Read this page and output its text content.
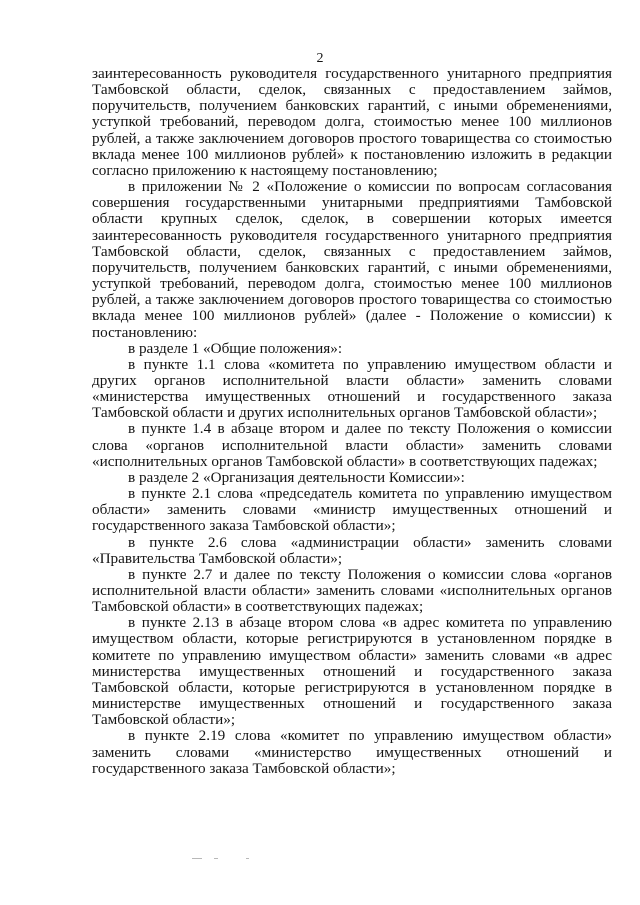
2

заинтересованность руководителя государственного унитарного предприятия Тамбовской области, сделок, связанных с предоставлением займов, поручительств, получением банковских гарантий, с иными обременениями, уступкой требований, переводом долга, стоимостью менее 100 миллионов рублей, а также заключением договоров простого товарищества со стоимостью вклада менее 100 миллионов рублей» к постановлению изложить в редакции согласно приложению к настоящему постановлению;

в приложении № 2 «Положение о комиссии по вопросам согласования совершения государственными унитарными предприятиями Тамбовской области крупных сделок, сделок, в совершении которых имеется заинтересованность руководителя государственного унитарного предприятия Тамбовской области, сделок, связанных с предоставлением займов, поручительств, получением банковских гарантий, с иными обременениями, уступкой требований, переводом долга, стоимостью менее 100 миллионов рублей, а также заключением договоров простого товарищества со стоимостью вклада менее 100 миллионов рублей» (далее - Положение о комиссии) к постановлению:

в разделе 1 «Общие положения»:

в пункте 1.1 слова «комитета по управлению имуществом области и других органов исполнительной власти области» заменить словами «министерства имущественных отношений и государственного заказа Тамбовской области и других исполнительных органов Тамбовской области»;

в пункте 1.4 в абзаце втором и далее по тексту Положения о комиссии слова «органов исполнительной власти области» заменить словами «исполнительных органов Тамбовской области» в соответствующих падежах;

в разделе 2 «Организация деятельности Комиссии»:

в пункте 2.1 слова «председатель комитета по управлению имуществом области» заменить словами «министр имущественных отношений и государственного заказа Тамбовской области»;

в пункте 2.6 слова «администрации области» заменить словами «Правительства Тамбовской области»;

в пункте 2.7 и далее по тексту Положения о комиссии слова «органов исполнительной власти области» заменить словами «исполнительных органов Тамбовской области» в соответствующих падежах;

в пункте 2.13 в абзаце втором слова «в адрес комитета по управлению имуществом области, которые регистрируются в установленном порядке в комитете по управлению имуществом области» заменить словами «в адрес министерства имущественных отношений и государственного заказа Тамбовской области, которые регистрируются в установленном порядке в министерстве имущественных отношений и государственного заказа Тамбовской области»;

в пункте 2.19 слова «комитет по управлению имуществом области» заменить словами «министерство имущественных отношений и государственного заказа Тамбовской области»;
